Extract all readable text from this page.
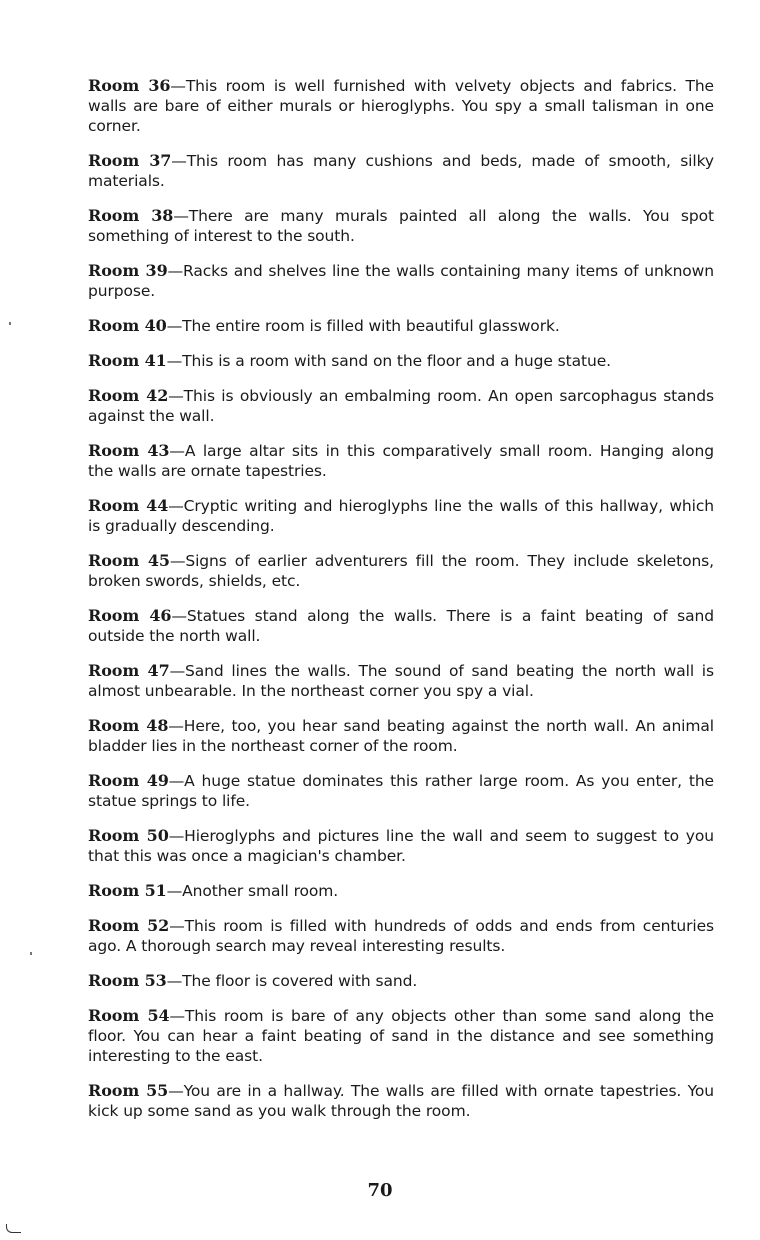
Room 36—This room is well furnished with velvety objects and fabrics. The walls are bare of either murals or hieroglyphs. You spy a small talisman in one corner.

Room 37—This room has many cushions and beds, made of smooth, silky materials.

Room 38—There are many murals painted all along the walls. You spot something of interest to the south.

Room 39—Racks and shelves line the walls containing many items of unknown purpose.

Room 40—The entire room is filled with beautiful glasswork.

Room 41—This is a room with sand on the floor and a huge statue.

Room 42—This is obviously an embalming room. An open sarcophagus stands against the wall.

Room 43—A large altar sits in this comparatively small room. Hanging along the walls are ornate tapestries.

Room 44—Cryptic writing and hieroglyphs line the walls of this hallway, which is gradually descending.

Room 45—Signs of earlier adventurers fill the room. They include skeletons, broken swords, shields, etc.

Room 46—Statues stand along the walls. There is a faint beating of sand outside the north wall.

Room 47—Sand lines the walls. The sound of sand beating the north wall is almost unbearable. In the northeast corner you spy a vial.

Room 48—Here, too, you hear sand beating against the north wall. An animal bladder lies in the northeast corner of the room.

Room 49—A huge statue dominates this rather large room. As you enter, the statue springs to life.

Room 50—Hieroglyphs and pictures line the wall and seem to suggest to you that this was once a magician's chamber.

Room 51—Another small room.

Room 52—This room is filled with hundreds of odds and ends from centuries ago. A thorough search may reveal interesting results.

Room 53—The floor is covered with sand.

Room 54—This room is bare of any objects other than some sand along the floor. You can hear a faint beating of sand in the distance and see something interesting to the east.

Room 55—You are in a hallway. The walls are filled with ornate tapestries. You kick up some sand as you walk through the room.

70
